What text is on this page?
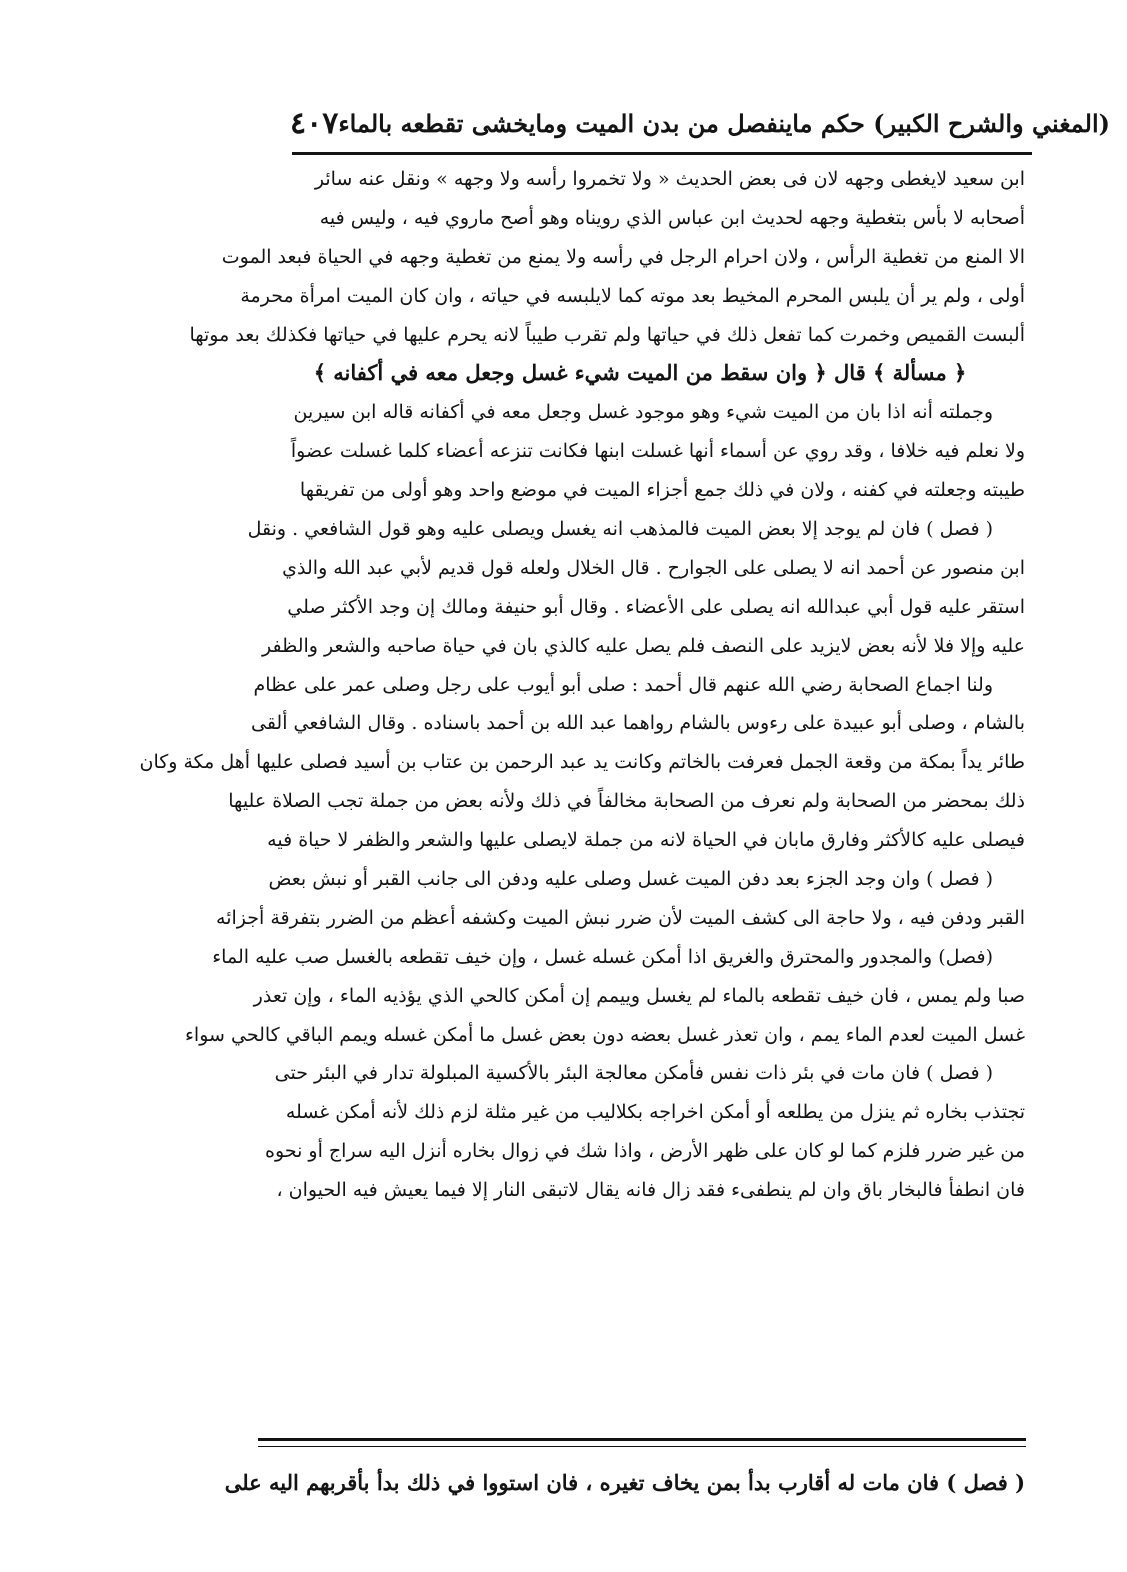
٤٠٧ (المغني والشرح الكبير) حكم ماينفصل من بدن الميت ومايخشى تقطعه بالماء
ابن سعيد لايغطى وجهه لان فى بعض الحديث « ولا تخمروا رأسه ولا وجهه » ونقل عنه سائر
أصحابه لا بأس بتغطية وجهه لحديث ابن عباس الذي رويناه وهو أصح ماروي فيه ، وليس فيه
الا المنع من تغطية الرأس ، ولان احرام الرجل في رأسه ولا يمنع من تغطية وجهه في الحياة فبعد الموت
أولى ، ولم ير أن يلبس المحرم المخيط بعد موته كما لايلبسه في حياته ، وان كان الميت امرأة محرمة
ألبست القميص وخمرت كما تفعل ذلك في حياتها ولم تقرب طيباً لانه يحرم عليها في حياتها فكذلك بعد موتها
﴿ مسألة ﴾ قال ﴿ وان سقط من الميت شيء غسل وجعل معه في أكفانه ﴾
وجملته أنه اذا بان من الميت شيء وهو موجود غسل وجعل معه في أكفانه قاله ابن سيرين
ولا نعلم فيه خلافا ، وقد روي عن أسماء أنها غسلت ابنها فكانت تنزعه أعضاء كلما غسلت عضواً
طيبته وجعلته في كفنه ، ولان في ذلك جمع أجزاء الميت في موضع واحد وهو أولى من تفريقها
( فصل ) فان لم يوجد إلا بعض الميت فالمذهب انه يغسل ويصلى عليه وهو قول الشافعي . ونقل
ابن منصور عن أحمد انه لا يصلى على الجوارح . قال الخلال ولعله قول قديم لأبي عبد الله والذي
استقر عليه قول أبي عبدالله انه يصلى على الأعضاء . وقال أبو حنيفة ومالك إن وجد الأكثر صلي
عليه وإلا فلا لأنه بعض لايزيد على النصف فلم يصل عليه كالذي بان في حياة صاحبه والشعر والظفر
ولنا اجماع الصحابة رضي الله عنهم قال أحمد : صلى أبو أيوب على رجل وصلى عمر على عظام
بالشام ، وصلى أبو عبيدة على رءوس بالشام رواهما عبد الله بن أحمد باسناده . وقال الشافعي ألقى
طائر يداً بمكة من وقعة الجمل فعرفت بالخاتم وكانت يد عبد الرحمن بن عتاب بن أسيد فصلى عليها أهل مكة وكان
ذلك بمحضر من الصحابة ولم نعرف من الصحابة مخالفاً في ذلك ولأنه بعض من جملة تجب الصلاة عليها
فيصلى عليه كالأكثر وفارق مابان في الحياة لانه من جملة لايصلى عليها والشعر والظفر لا حياة فيه
( فصل ) وان وجد الجزء بعد دفن الميت غسل وصلى عليه ودفن الى جانب القبر أو نبش بعض
القبر ودفن فيه ، ولا حاجة الى كشف الميت لأن ضرر نبش الميت وكشفه أعظم من الضرر بتفرقة أجزائه
(فصل) والمجدور والمحترق والغريق اذا أمكن غسله غسل ، وإن خيف تقطعه بالغسل صب عليه الماء
صبا ولم يمس ، فان خيف تقطعه بالماء لم يغسل وييمم إن أمكن كالحي الذي يؤذيه الماء ، وإن تعذر
غسل الميت لعدم الماء يمم ، وان تعذر غسل بعضه دون بعض غسل ما أمكن غسله ويمم الباقي كالحي سواء
( فصل ) فان مات في بئر ذات نفس فأمكن معالجة البئر بالأكسية المبلولة تدار في البئر حتى
تجتذب بخاره ثم ينزل من يطلعه أو أمكن اخراجه بكلاليب من غير مثلة لزم ذلك لأنه أمكن غسله
من غير ضرر فلزم كما لو كان على ظهر الأرض ، واذا شك في زوال بخاره أنزل اليه سراج أو نحوه
فان انطفأ فالبخار باق وان لم ينطفىء فقد زال فانه يقال لاتبقى النار إلا فيما يعيش فيه الحيوان ،
( فصل ) فان مات له أقارب بدأ بمن يخاف تغيره ، فان استووا في ذلك بدأ بأقربهم اليه على
